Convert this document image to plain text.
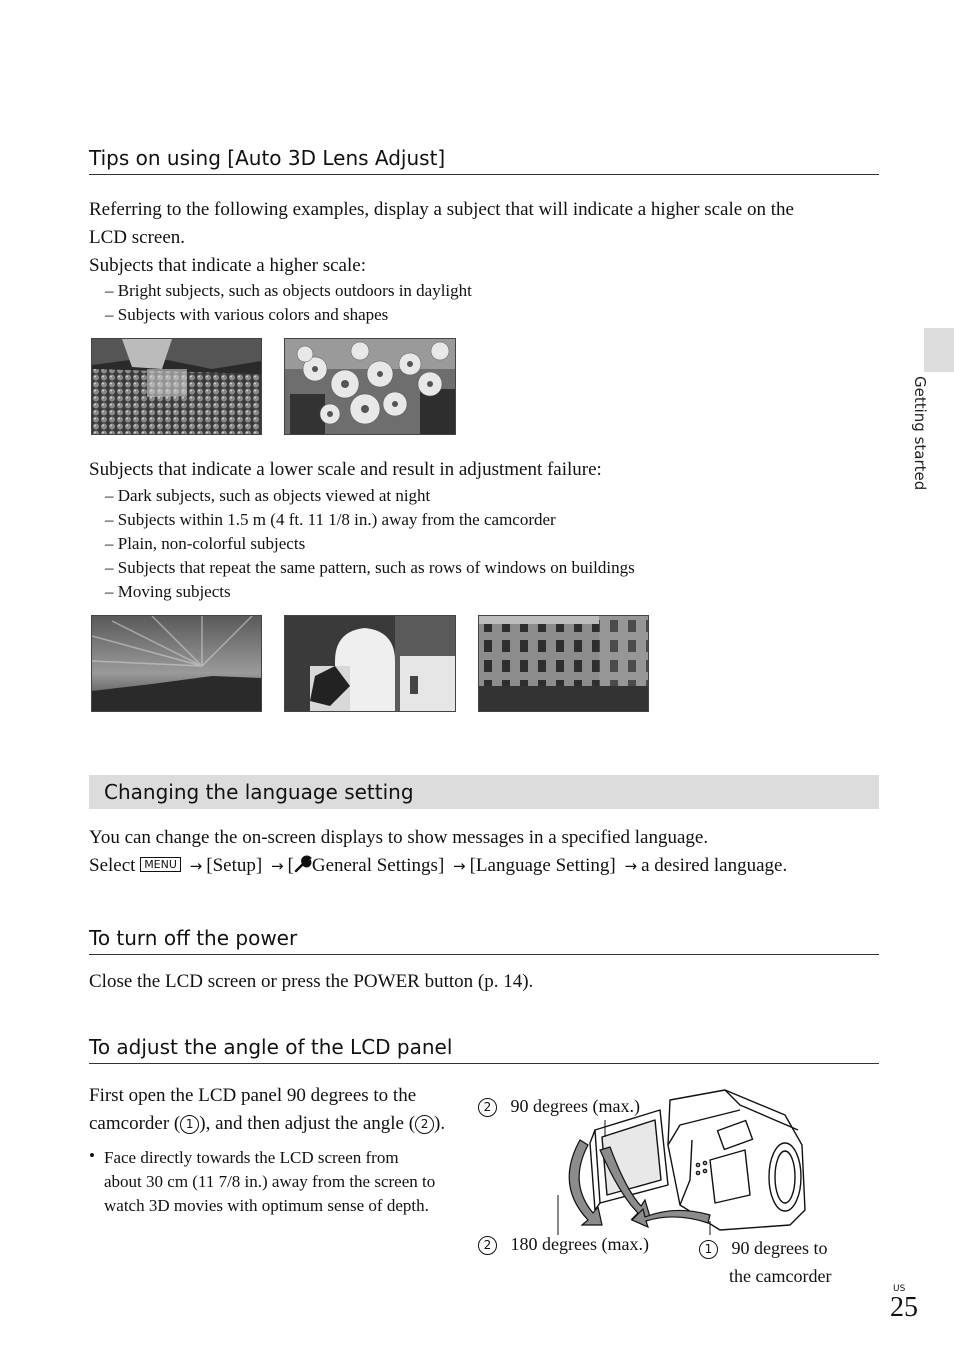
Tips on using [Auto 3D Lens Adjust]
Referring to the following examples, display a subject that will indicate a higher scale on the
LCD screen.
Subjects that indicate a higher scale:
– Bright subjects, such as objects outdoors in daylight
– Subjects with various colors and shapes
Subjects that indicate a lower scale and result in adjustment failure:
– Dark subjects, such as objects viewed at night
– Subjects within 1.5 m (4 ft. 11 1/8 in.) away from the camcorder
– Plain, non-colorful subjects
– Subjects that repeat the same pattern, such as rows of windows on buildings
– Moving subjects
Changing the language setting
You can change the on-screen displays to show messages in a specified language.
Select MENU → [Setup] → [ General Settings] → [Language Setting] → a desired language.
To turn off the power
Close the LCD screen or press the POWER button (p. 14).
To adjust the angle of the LCD panel
First open the LCD panel 90 degrees to the
camcorder ( 1 ), and then adjust the angle ( 2 ).
• Face directly towards the LCD screen from
about 30 cm (11 7/8 in.) away from the screen to
watch 3D movies with optimum sense of depth.
2 90 degrees (max.)
2 180 degrees (max.)	1 90 degrees to
the camcorder
Getting started
US
25
